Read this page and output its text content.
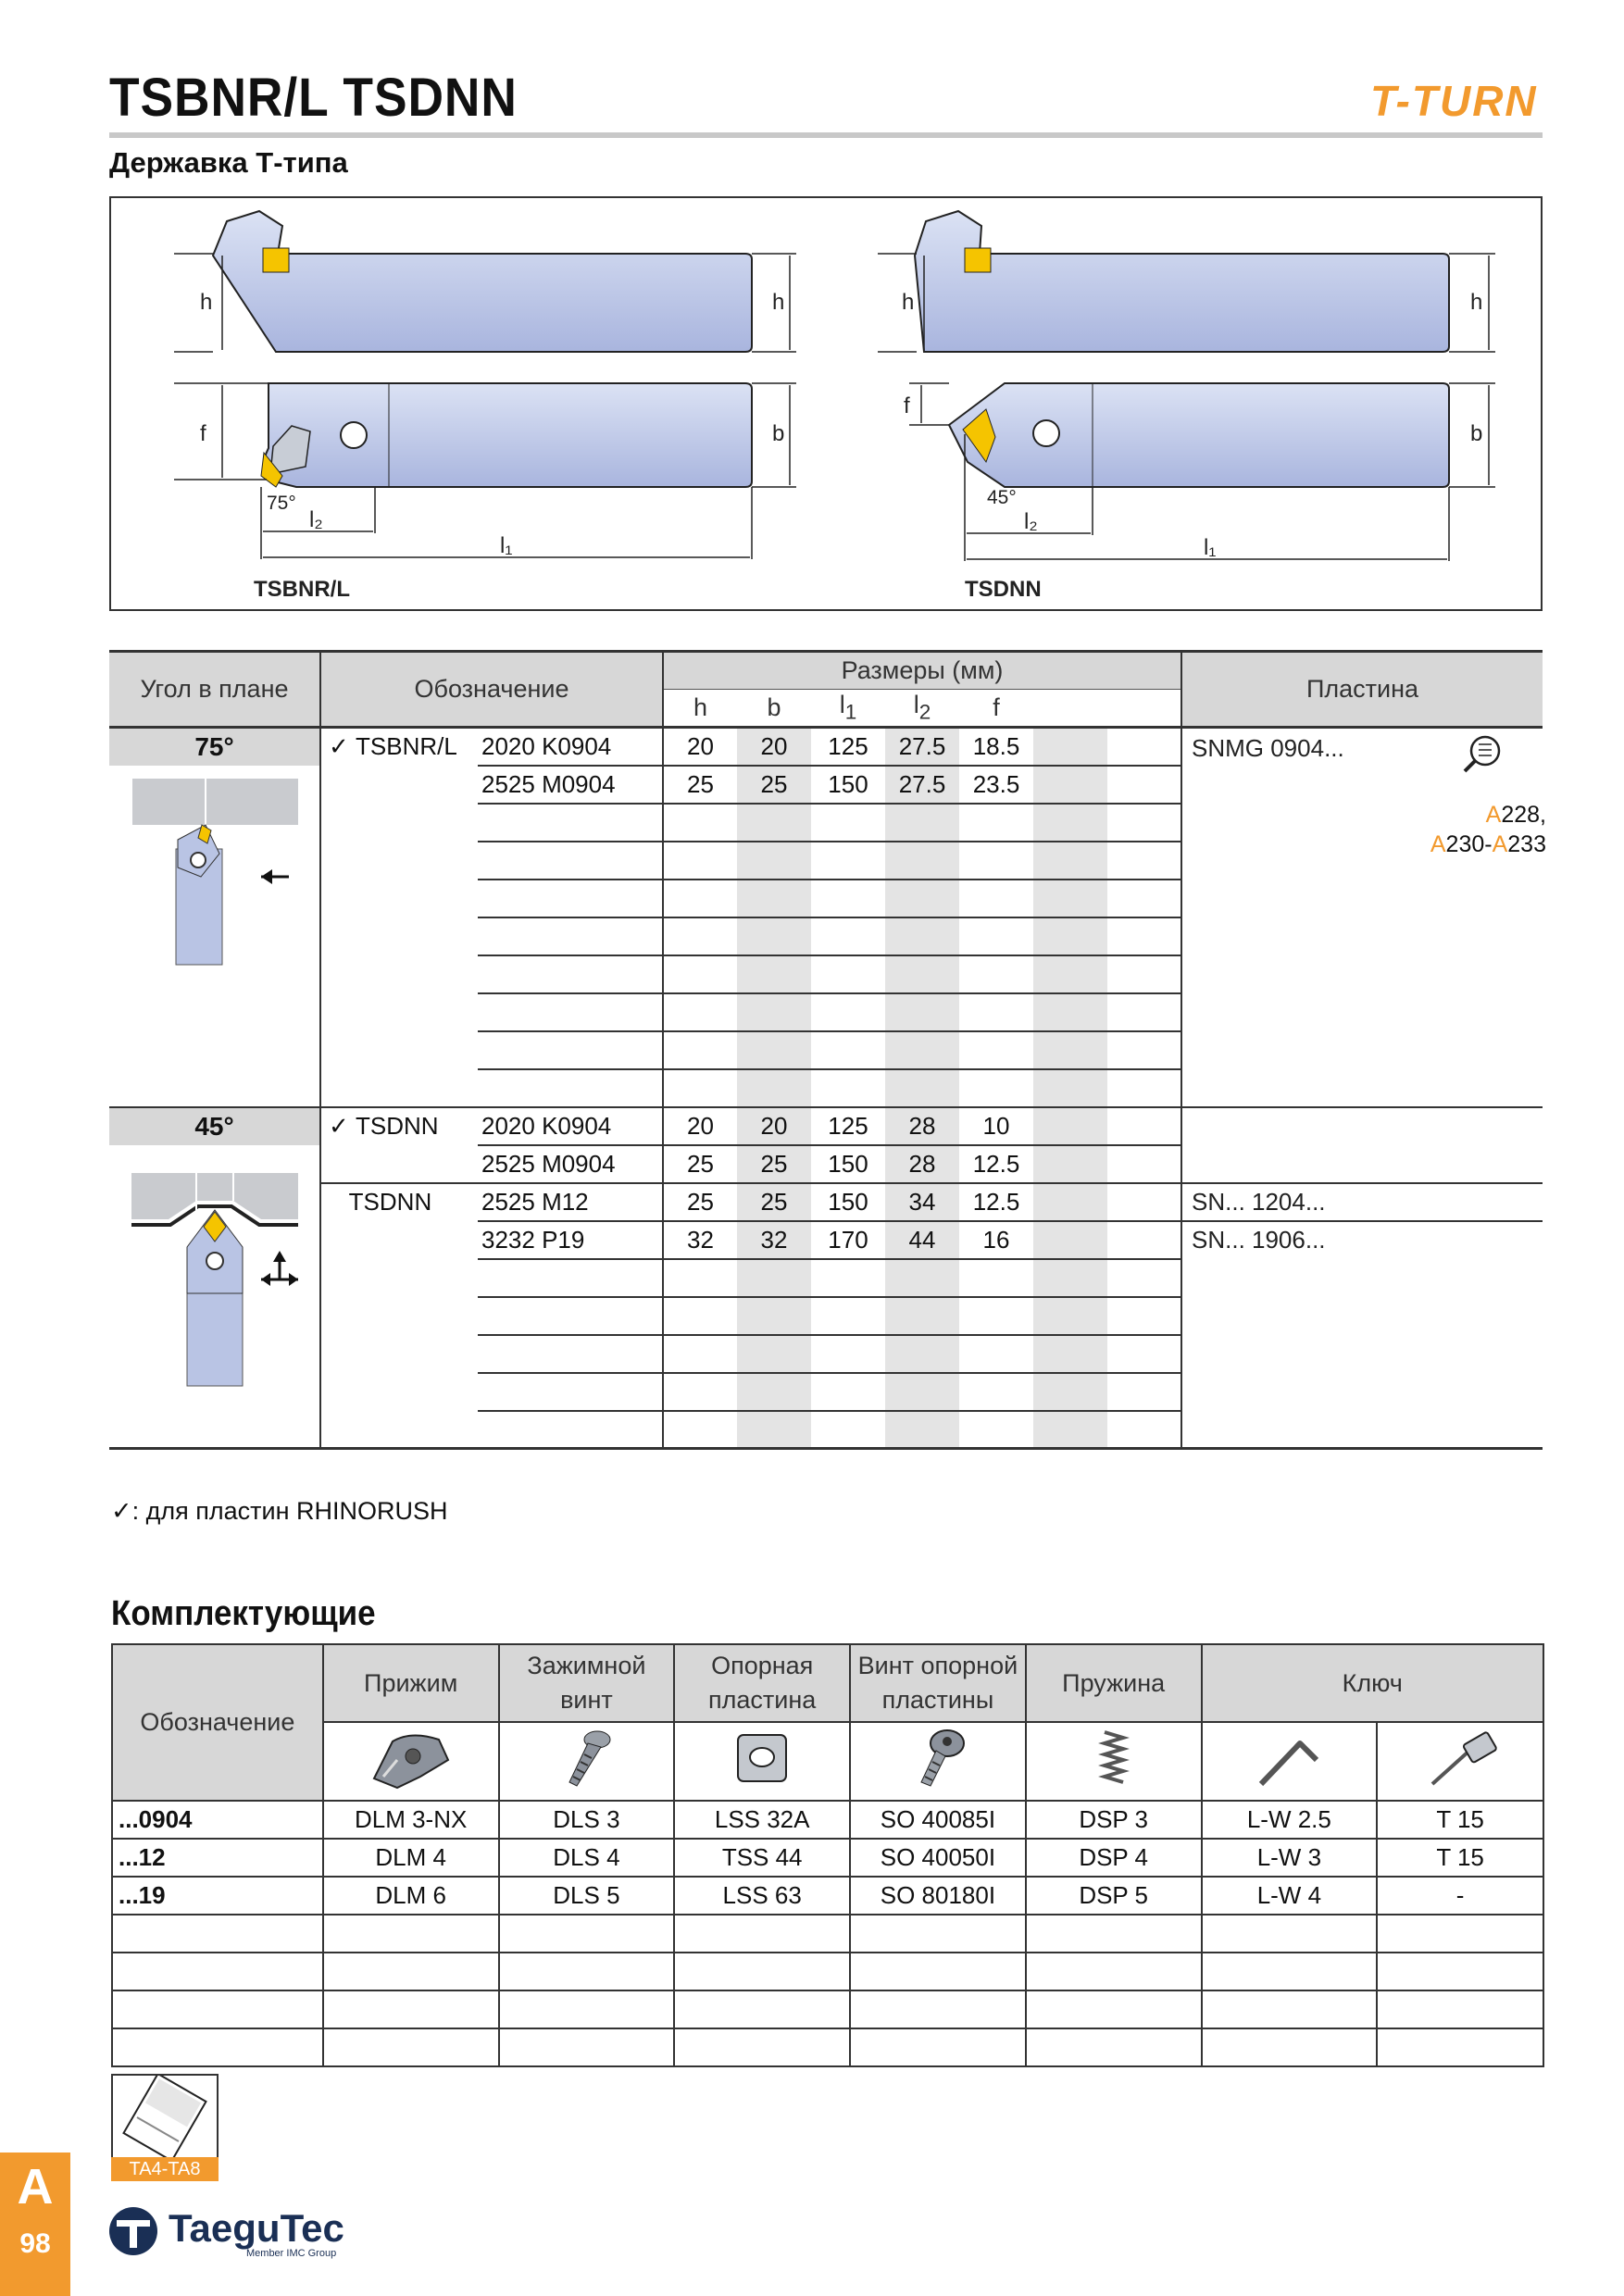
TSBNR/L TSDNN	T-TURN
Державка Т-типа
h	h
f	b
75°
l₂
l₁
TSBNR/L
h	h
f
b
45°
l₂
l₁
TSDNN
Угол в плане	Обозначение		Размеры (мм)							Пластина
			h	b	$l_1$	$l_2$	f			
75°	✓ TSBNR/L	2020 K0904	20	20	125	27.5	18.5			SNMG 0904...

		2525 M0904	25	25	150	27.5	23.5			

										A228,
A230-A233

45°	✓ TSDNN	2020 K0904	20	20	125	28	10			
		2525 M0904	25	25	150	28	12.5			
	TSDNN	2525 M12	25	25	150	34	12.5			SN... 1204...
		3232 P19	32	32	170	44	16			SN... 1906...

✓: для пластин RHINORUSH
Комплектующие
Обозначение	Прижим	Зажимной винт	Опорная пластина	Винт опорной пластины	Пружина	Ключ	

...0904	DLM 3-NX	DLS 3	LSS 32A	SO 40085I	DSP 3	L-W 2.5	T 15
...12	DLM 4	DLS 4	TSS 44	SO 40050I	DSP 4	L-W 3	T 15
...19	DLM 6	DLS 5	LSS 63	SO 80180I	DSP 5	L-W 4	-

TA4-TA8
A
98	TaeguTec
Member IMC Group
